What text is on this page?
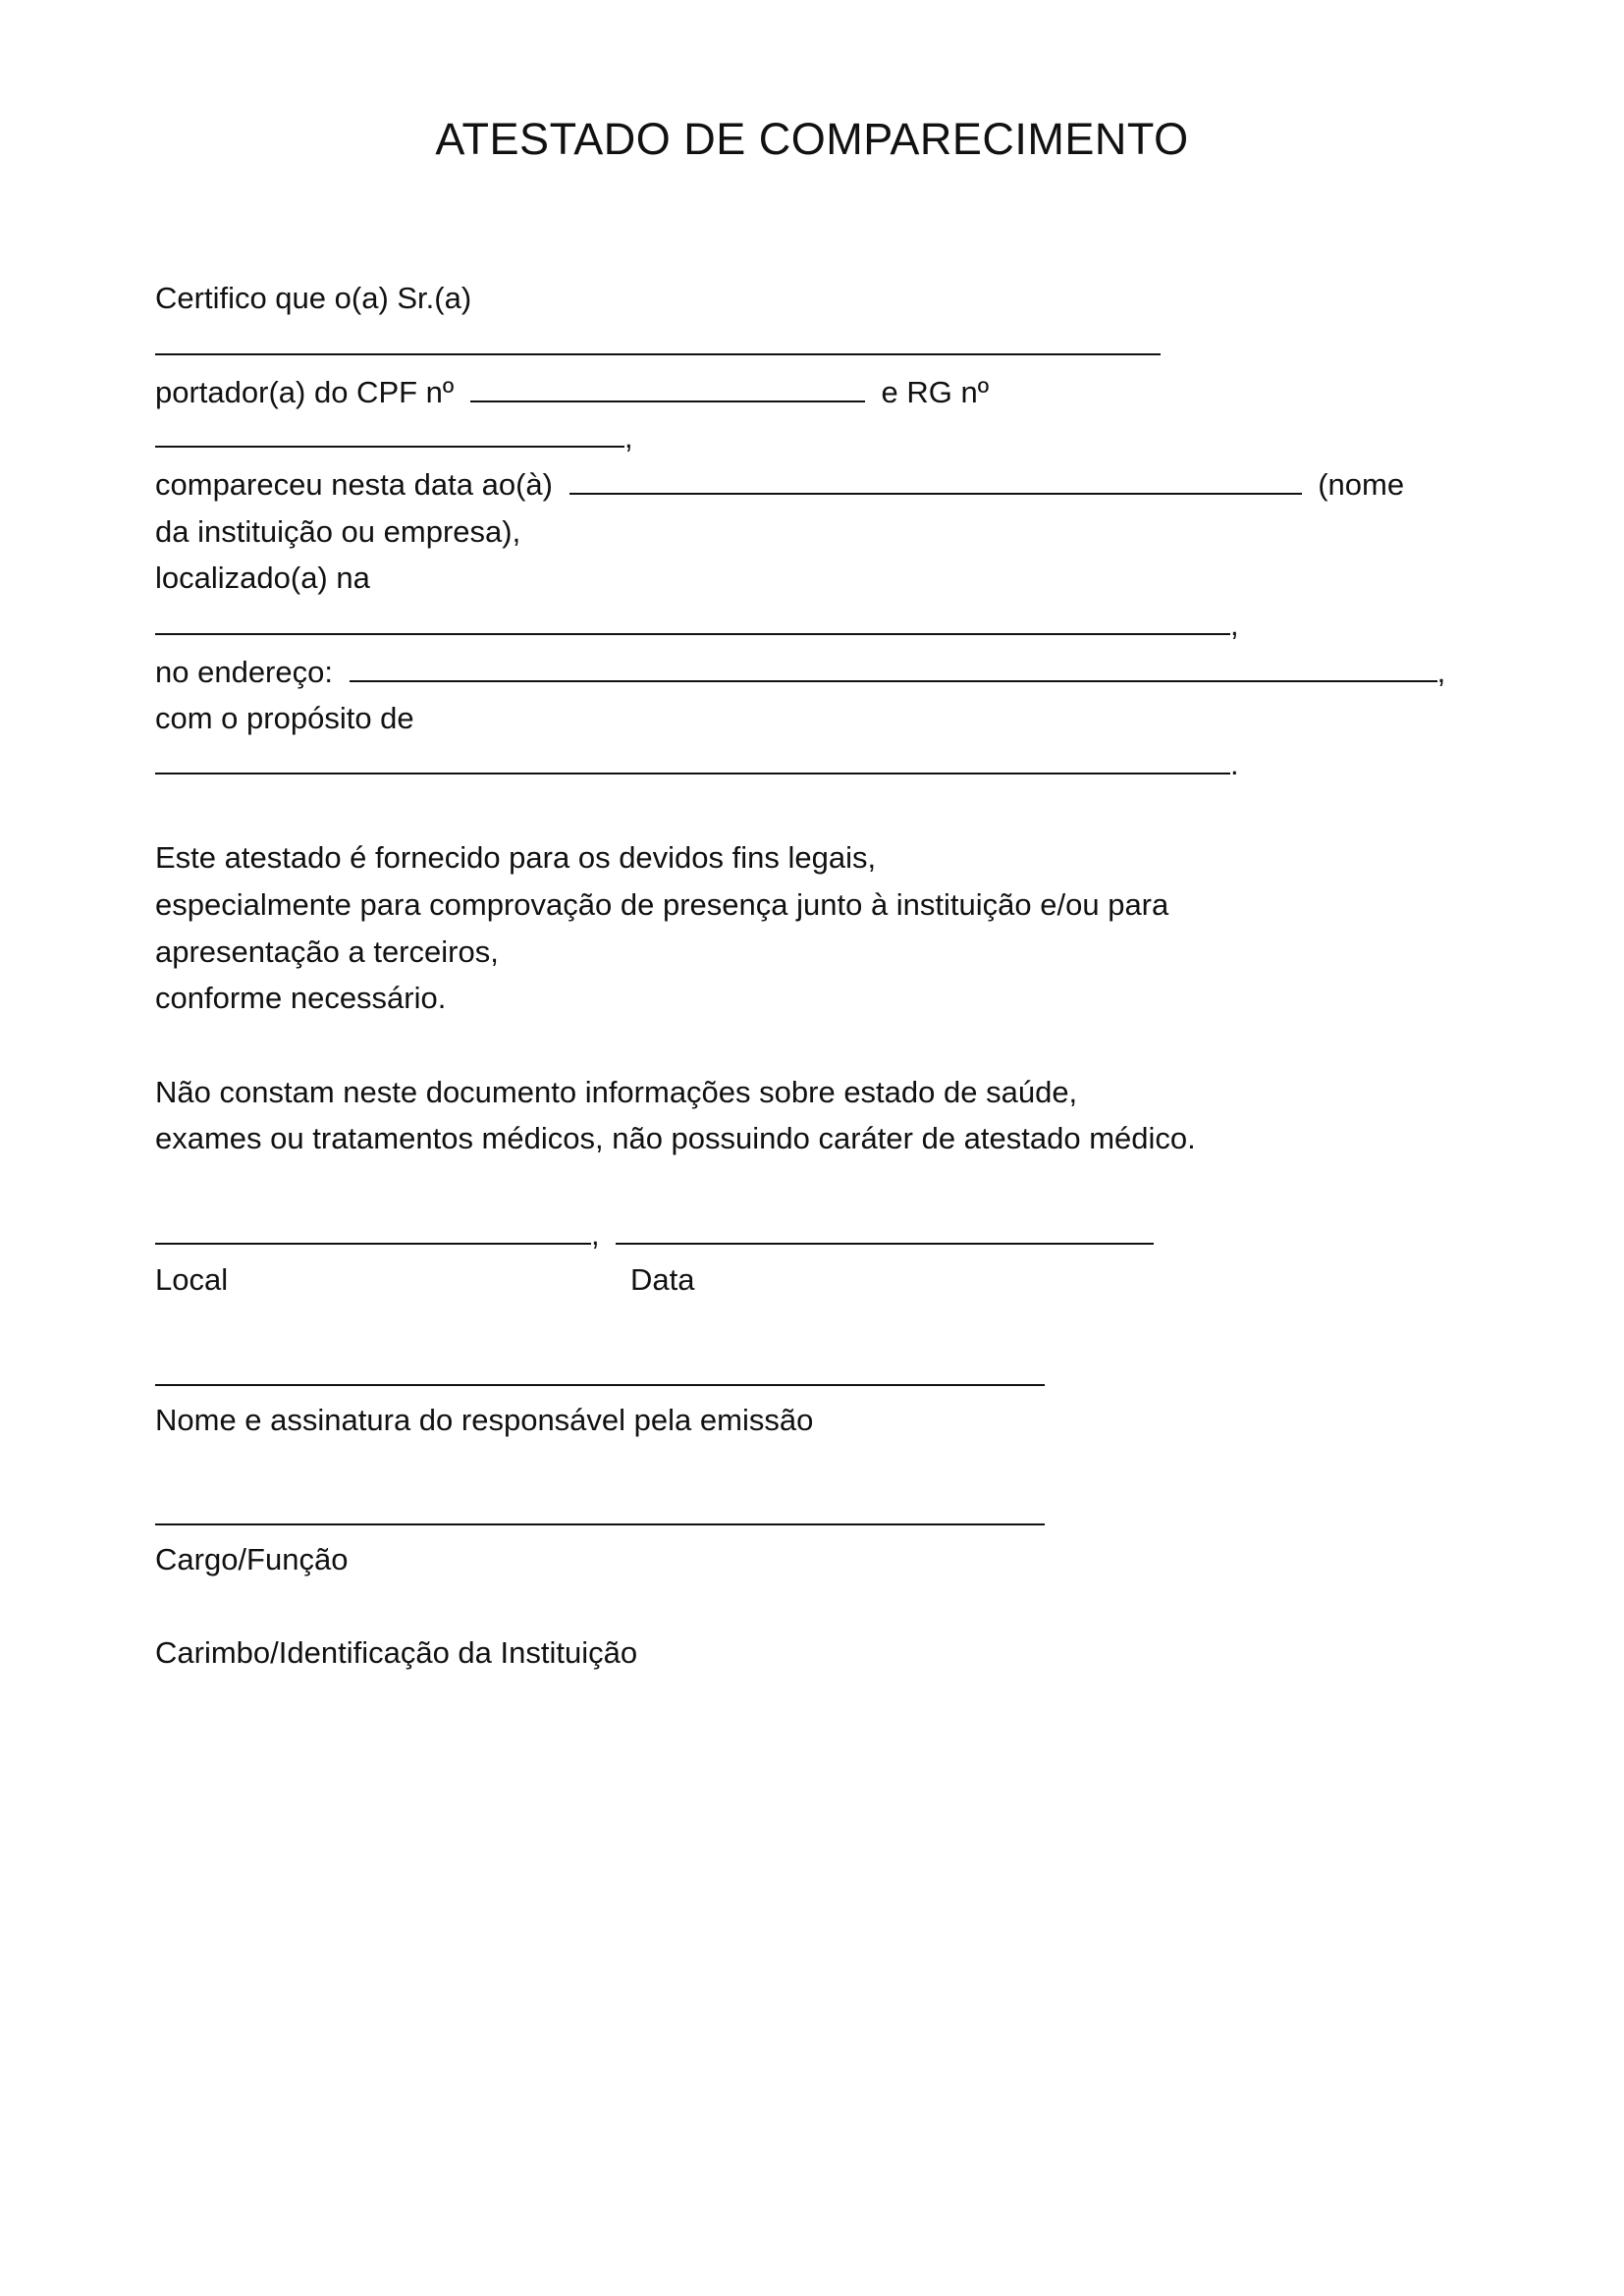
ATESTADO DE COMPARECIMENTO
Certifico que o(a) Sr.(a)
portador(a) do CPF nº	e RG nº
,
compareceu nesta data ao(à)	(nome
da instituição ou empresa),
localizado(a) na
,
no endereço:	,
com o propósito de
.
Este atestado é fornecido para os devidos fins legais,
especialmente para comprovação de presença junto à instituição e/ou para
apresentação a terceiros,
conforme necessário.
Não constam neste documento informações sobre estado de saúde,
exames ou tratamentos médicos, não possuindo caráter de atestado médico.
,
Local	Data
Nome e assinatura do responsável pela emissão
Cargo/Função
Carimbo/Identificação da Instituição
